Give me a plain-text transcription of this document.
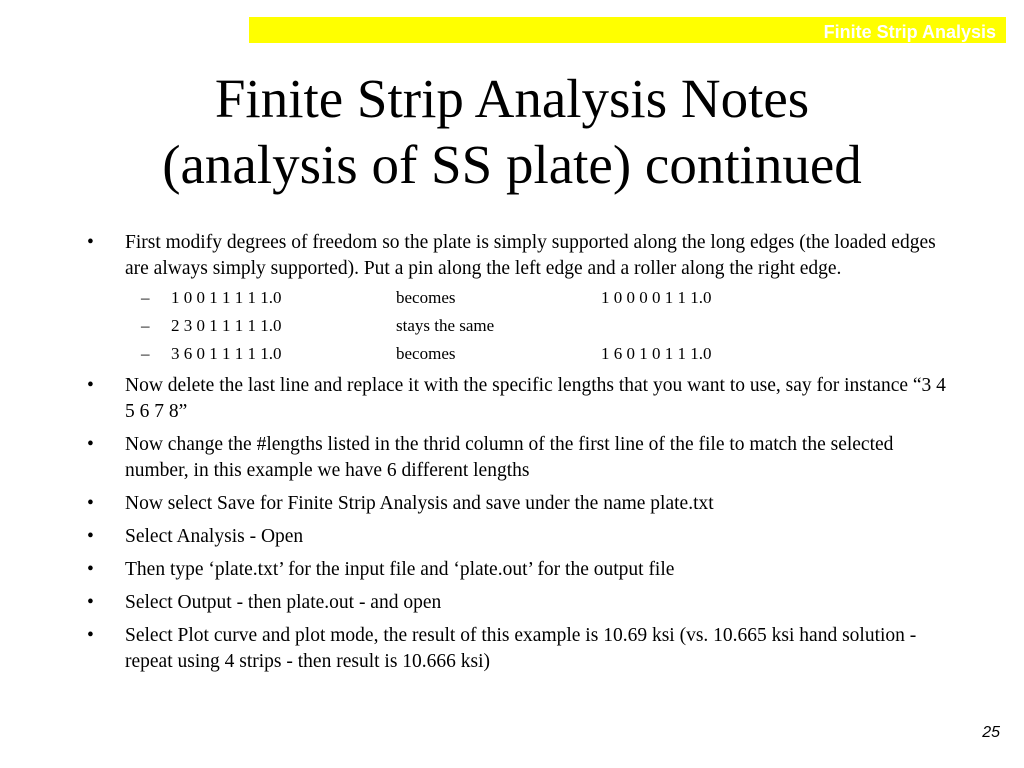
Finite Strip Analysis
Finite Strip Analysis Notes
(analysis of SS plate) continued
• First modify degrees of freedom so the plate is simply supported along the long edges (the loaded edges are always simply supported). Put a pin along the left edge and a roller along the right edge.
– 1 0 0 1 1 1 1 1.0	becomes	1 0 0 0 0 1 1 1.0
– 2 3 0 1 1 1 1 1.0	stays the same
– 3 6 0 1 1 1 1 1.0	becomes	1 6 0 1 0 1 1 1.0
• Now delete the last line and replace it with the specific lengths that you want to use, say for instance “3 4 5 6 7 8”
• Now change the #lengths listed in the thrid column of the first line of the file to match the selected number, in this example we have 6 different lengths
• Now select Save for Finite Strip Analysis and save under the name plate.txt
• Select Analysis - Open
• Then type ‘plate.txt’ for the input file and ‘plate.out’ for the output file
• Select Output - then plate.out - and open
• Select Plot curve and plot mode, the result of this example is 10.69 ksi (vs. 10.665 ksi hand solution - repeat using 4 strips - then result is 10.666 ksi)
25
